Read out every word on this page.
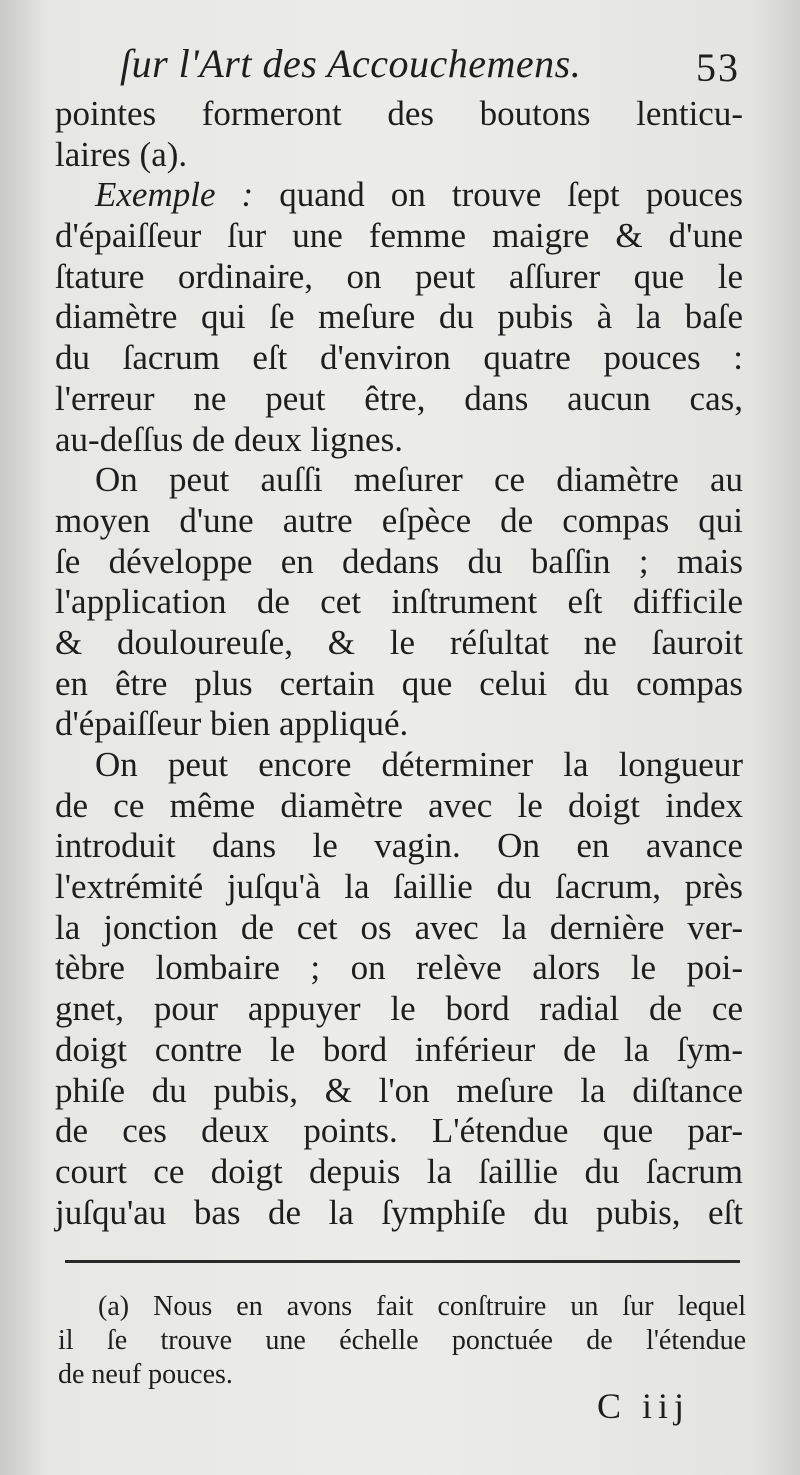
ſur l'Art des Accouchemens.	53
pointes formeront des boutons lenticu-
laires (a).
Exemple : quand on trouve ſept pouces
d'épaiſſeur ſur une femme maigre & d'une
ſtature ordinaire, on peut aſſurer que le
diamètre qui ſe meſure du pubis à la baſe
du ſacrum eſt d'environ quatre pouces :
l'erreur ne peut être, dans aucun cas,
au-deſſus de deux lignes.
On peut auſſi meſurer ce diamètre au
moyen d'une autre eſpèce de compas qui
ſe développe en dedans du baſſin ; mais
l'application de cet inſtrument eſt difficile
& douloureuſe, & le réſultat ne ſauroit
en être plus certain que celui du compas
d'épaiſſeur bien appliqué.
On peut encore déterminer la longueur
de ce même diamètre avec le doigt index
introduit dans le vagin. On en avance
l'extrémité juſqu'à la ſaillie du ſacrum, près
la jonction de cet os avec la dernière ver-
tèbre lombaire ; on relève alors le poi-
gnet, pour appuyer le bord radial de ce
doigt contre le bord inférieur de la ſym-
phiſe du pubis, & l'on meſure la diſtance
de ces deux points. L'étendue que par-
court ce doigt depuis la ſaillie du ſacrum
juſqu'au bas de la ſymphiſe du pubis, eſt
(a) Nous en avons fait conſtruire un ſur lequel
il ſe trouve une échelle ponctuée de l'étendue
de neuf pouces.
C iij
